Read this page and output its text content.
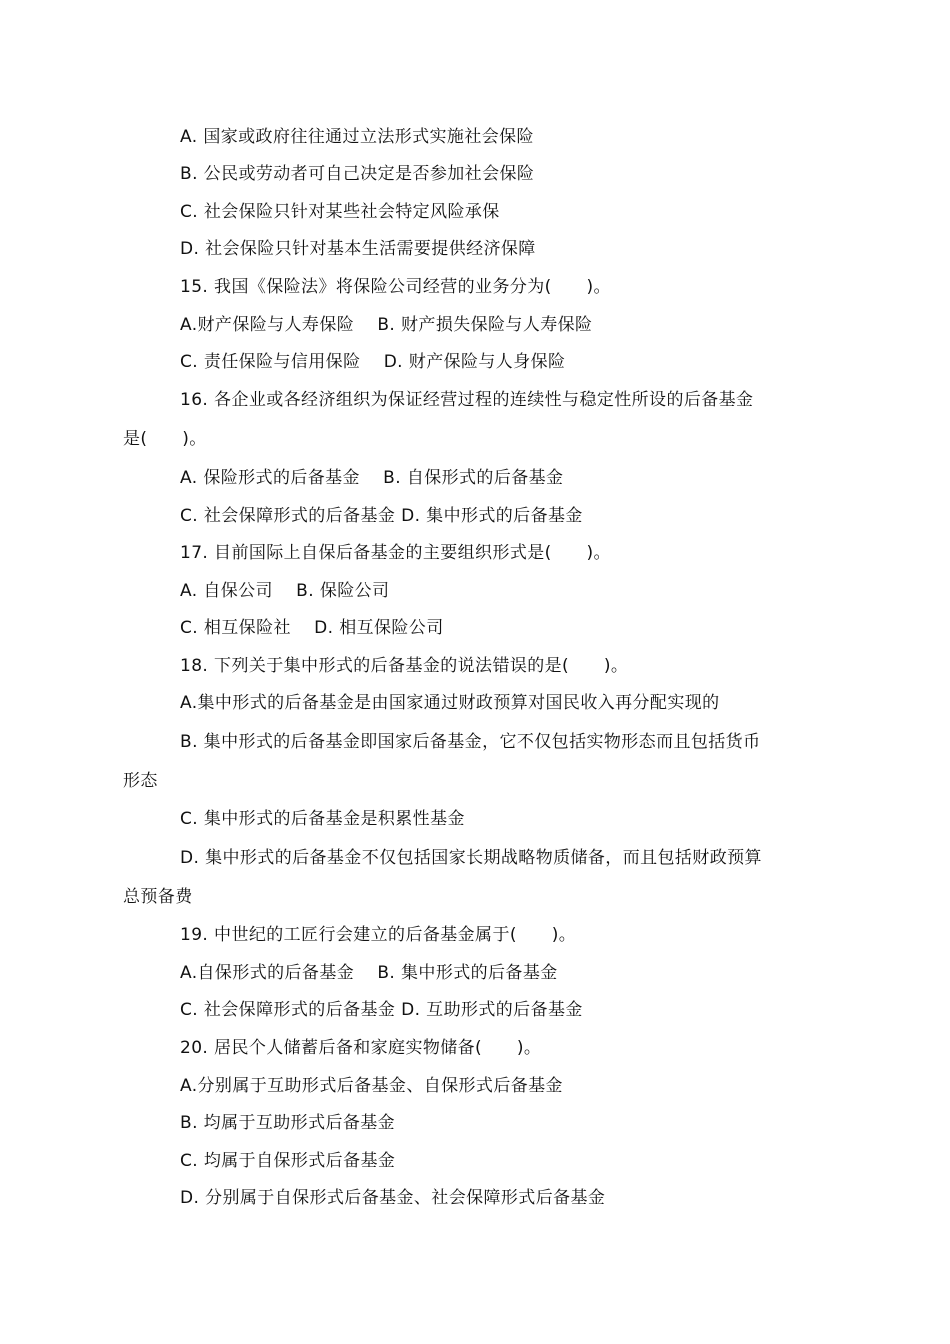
A. 国家或政府往往通过立法形式实施社会保险
B. 公民或劳动者可自己决定是否参加社会保险
C. 社会保险只针对某些社会特定风险承保
D. 社会保险只针对基本生活需要提供经济保障
15. 我国《保险法》将保险公司经营的业务分为(      )。
A.财产保险与人寿保险    B. 财产损失保险与人寿保险
C. 责任保险与信用保险    D. 财产保险与人身保险
16. 各企业或各经济组织为保证经营过程的连续性与稳定性所设的后备基金
是(      )。
A. 保险形式的后备基金    B. 自保形式的后备基金
C. 社会保障形式的后备基金 D. 集中形式的后备基金
17. 目前国际上自保后备基金的主要组织形式是(      )。
A. 自保公司    B. 保险公司
C. 相互保险社    D. 相互保险公司
18. 下列关于集中形式的后备基金的说法错误的是(      )。
A.集中形式的后备基金是由国家通过财政预算对国民收入再分配实现的
B. 集中形式的后备基金即国家后备基金，它不仅包括实物形态而且包括货币
形态
C. 集中形式的后备基金是积累性基金
D. 集中形式的后备基金不仅包括国家长期战略物质储备，而且包括财政预算
总预备费
19. 中世纪的工匠行会建立的后备基金属于(      )。
A.自保形式的后备基金    B. 集中形式的后备基金
C. 社会保障形式的后备基金 D. 互助形式的后备基金
20. 居民个人储蓄后备和家庭实物储备(      )。
A.分别属于互助形式后备基金、自保形式后备基金
B. 均属于互助形式后备基金
C. 均属于自保形式后备基金
D. 分别属于自保形式后备基金、社会保障形式后备基金
